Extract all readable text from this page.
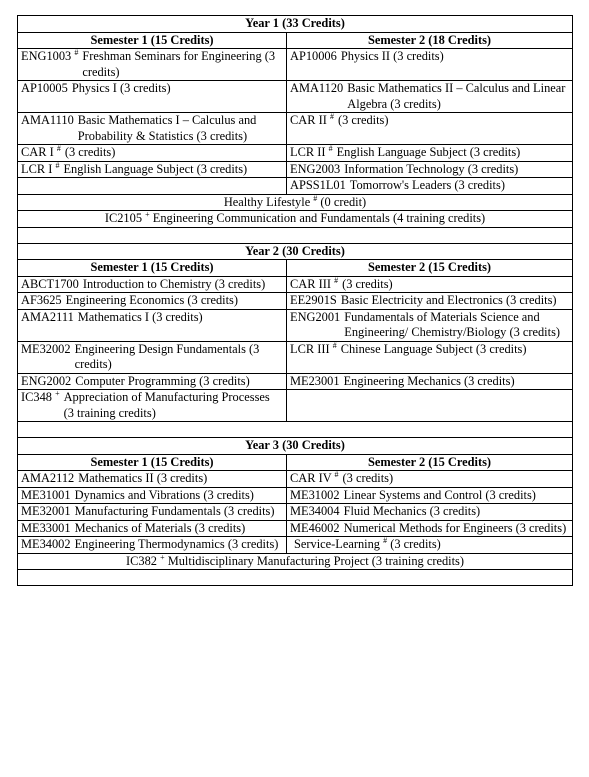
Year 1 (33 Credits)	
Semester 1 (15 Credits)	Semester 2 (18 Credits)

ENG1003 # Freshman Seminars for Engineering (3 credits)	AP10006 Physics II (3 credits)

AP10005 Physics I (3 credits)	AMA1120 Basic Mathematics II – Calculus and Linear Algebra (3 credits)

AMA1110 Basic Mathematics I – Calculus and Probability & Statistics (3 credits)	CAR II # (3 credits)

CAR I # (3 credits)	LCR II # English Language Subject (3 credits)

LCR I # English Language Subject (3 credits)	ENG2003 Information Technology (3 credits)

	APSS1L01 Tomorrow's Leaders (3 credits)

Healthy Lifestyle # (0 credit)	
IC2105 + Engineering Communication and Fundamentals (4 training credits)	

Year 2 (30 Credits)	
Semester 1 (15 Credits)	Semester 2 (15 Credits)

ABCT1700 Introduction to Chemistry (3 credits)	CAR III # (3 credits)

AF3625 Engineering Economics (3 credits)	EE2901S Basic Electricity and Electronics (3 credits)

AMA2111 Mathematics I (3 credits)	ENG2001 Fundamentals of Materials Science and Engineering/ Chemistry/Biology (3 credits)

ME32002 Engineering Design Fundamentals (3 credits)	LCR III # Chinese Language Subject (3 credits)

ENG2002 Computer Programming (3 credits)	ME23001 Engineering Mechanics (3 credits)

IC348 + Appreciation of Manufacturing Processes (3 training credits)	

Year 3 (30 Credits)	
Semester 1 (15 Credits)	Semester 2 (15 Credits)

AMA2112 Mathematics II (3 credits)	CAR IV # (3 credits)

ME31001 Dynamics and Vibrations (3 credits)	ME31002 Linear Systems and Control (3 credits)

ME32001 Manufacturing Fundamentals (3 credits)	ME34004 Fluid Mechanics (3 credits)

ME33001 Mechanics of Materials (3 credits)	ME46002 Numerical Methods for Engineers (3 credits)

ME34002 Engineering Thermodynamics (3 credits)	Service-Learning # (3 credits)

IC382 + Multidisciplinary Manufacturing Project (3 training credits)	
